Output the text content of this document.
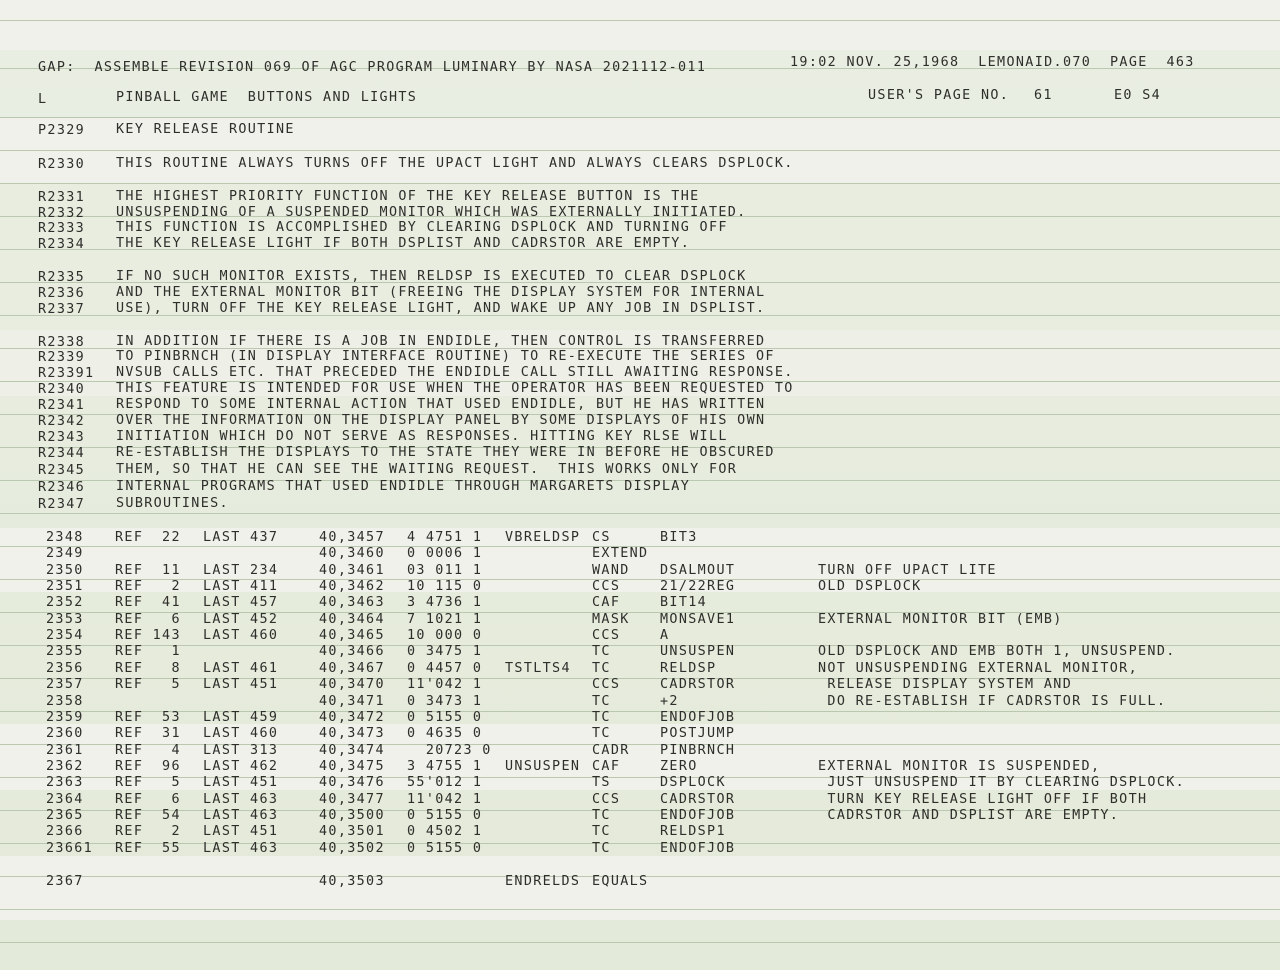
GAP:  ASSEMBLE REVISION 069 OF AGC PROGRAM LUMINARY BY NASA 2021112-011	19:02 NOV. 25,1968  LEMONAID.070  PAGE  463
L	PINBALL GAME  BUTTONS AND LIGHTS	USER'S PAGE NO. 61	E0 S4
P2329 KEY RELEASE ROUTINE
R2330 THIS ROUTINE ALWAYS TURNS OFF THE UPACT LIGHT AND ALWAYS CLEARS DSPLOCK.
R2331 THE HIGHEST PRIORITY FUNCTION OF THE KEY RELEASE BUTTON IS THE
R2332 UNSUSPENDING OF A SUSPENDED MONITOR WHICH WAS EXTERNALLY INITIATED.
R2333 THIS FUNCTION IS ACCOMPLISHED BY CLEARING DSPLOCK AND TURNING OFF
R2334 THE KEY RELEASE LIGHT IF BOTH DSPLIST AND CADRSTOR ARE EMPTY.
R2335 IF NO SUCH MONITOR EXISTS, THEN RELDSP IS EXECUTED TO CLEAR DSPLOCK
R2336 AND THE EXTERNAL MONITOR BIT (FREEING THE DISPLAY SYSTEM FOR INTERNAL
R2337 USE), TURN OFF THE KEY RELEASE LIGHT, AND WAKE UP ANY JOB IN DSPLIST.
R2338 IN ADDITION IF THERE IS A JOB IN ENDIDLE, THEN CONTROL IS TRANSFERRED
R2339 TO PINBRNCH (IN DISPLAY INTERFACE ROUTINE) TO RE-EXECUTE THE SERIES OF
R23391 NVSUB CALLS ETC. THAT PRECEDED THE ENDIDLE CALL STILL AWAITING RESPONSE.
R2340 THIS FEATURE IS INTENDED FOR USE WHEN THE OPERATOR HAS BEEN REQUESTED TO
R2341 RESPOND TO SOME INTERNAL ACTION THAT USED ENDIDLE, BUT HE HAS WRITTEN
R2342 OVER THE INFORMATION ON THE DISPLAY PANEL BY SOME DISPLAYS OF HIS OWN
R2343 INITIATION WHICH DO NOT SERVE AS RESPONSES. HITTING KEY RLSE WILL
R2344 RE-ESTABLISH THE DISPLAYS TO THE STATE THEY WERE IN BEFORE HE OBSCURED
R2345 THEM, SO THAT HE CAN SEE THE WAITING REQUEST.  THIS WORKS ONLY FOR
R2346 INTERNAL PROGRAMS THAT USED ENDIDLE THROUGH MARGARETS DISPLAY
R2347 SUBROUTINES.
2348 REF  22 LAST 437	40,3457 4 4751 1 VBRELDSP CS	BIT3
2349	40,3460 0 0006 1	EXTEND
2350 REF  11 LAST 234	40,3461 03 011 1	WAND DSALMOUT	TURN OFF UPACT LITE
2351 REF   2 LAST 411	40,3462 10 115 0	CCS	21/22REG	OLD DSPLOCK
2352 REF  41 LAST 457	40,3463 3 4736 1	CAF	BIT14
2353 REF   6 LAST 452	40,3464 7 1021 1	MASK MONSAVE1	EXTERNAL MONITOR BIT (EMB)
2354 REF 143 LAST 460	40,3465 10 000 0	CCS	A
2355 REF   1	40,3466 0 3475 1	TC	UNSUSPEN	OLD DSPLOCK AND EMB BOTH 1, UNSUSPEND.
2356 REF   8 LAST 461	40,3467 0 4457 0 TSTLTS4 TC	RELDSP	NOT UNSUSPENDING EXTERNAL MONITOR,
2357 REF   5 LAST 451	40,3470 11'042 1	CCS	CADRSTOR	RELEASE DISPLAY SYSTEM AND
2358	40,3471 0 3473 1	TC	+2	DO RE-ESTABLISH IF CADRSTOR IS FULL.
2359 REF  53 LAST 459	40,3472 0 5155 0	TC	ENDOFJOB
2360 REF  31 LAST 460	40,3473 0 4635 0	TC	POSTJUMP
2361 REF   4 LAST 313	40,3474 20723 0	CADR PINBRNCH
2362 REF  96 LAST 462	40,3475 3 4755 1 UNSUSPEN CAF	ZERO	EXTERNAL MONITOR IS SUSPENDED,
2363 REF   5 LAST 451	40,3476 55'012 1	TS	DSPLOCK	JUST UNSUSPEND IT BY CLEARING DSPLOCK.
2364 REF   6 LAST 463	40,3477 11'042 1	CCS	CADRSTOR	TURN KEY RELEASE LIGHT OFF IF BOTH
2365 REF  54 LAST 463	40,3500 0 5155 0	TC	ENDOFJOB	CADRSTOR AND DSPLIST ARE EMPTY.
2366 REF   2 LAST 451	40,3501 0 4502 1	TC	RELDSP1
23661 REF  55 LAST 463	40,3502 0 5155 0	TC	ENDOFJOB
2367	40,3503	ENDRELDS EQUALS
